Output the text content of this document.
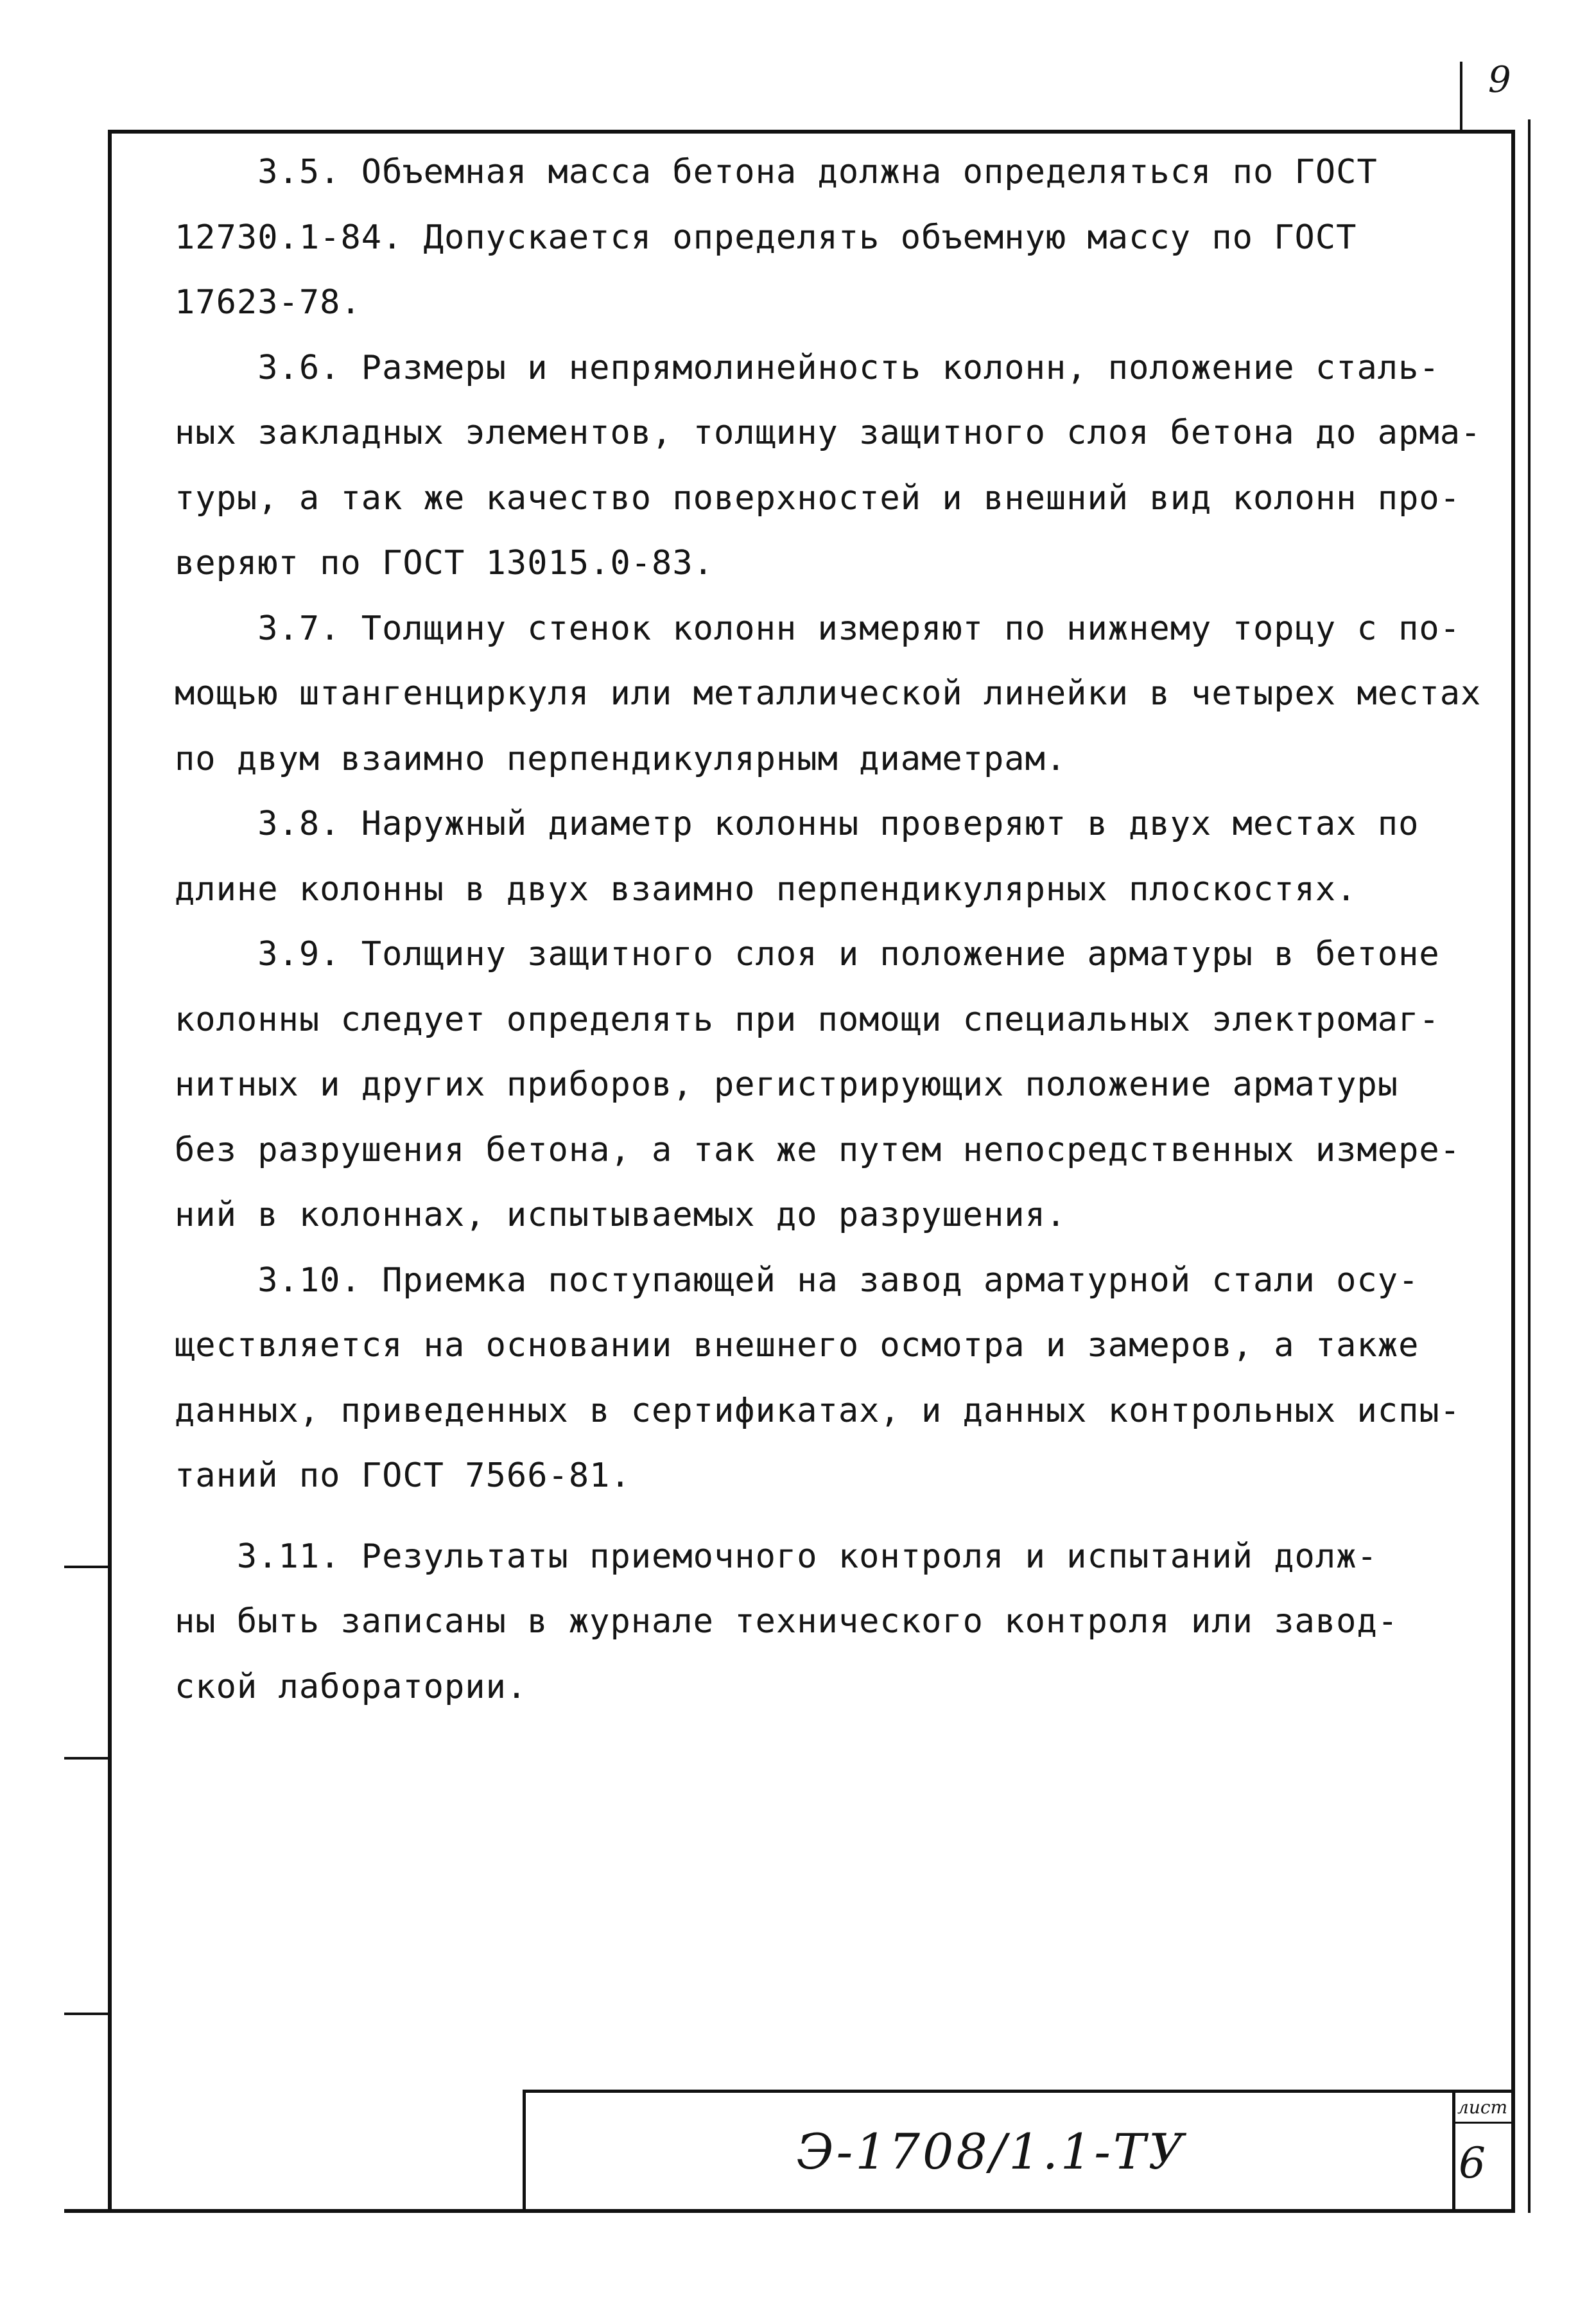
9

3.5. Объемная масса бетона должна определяться по ГОСТ
12730.1-84. Допускается определять объемную массу по ГОСТ
17623-78.

3.6. Размеры и непрямолинейность колонн, положение сталь-
ных закладных элементов, толщину защитного слоя бетона до арма-
туры, а так же качество поверхностей и внешний вид колонн про-
веряют по ГОСТ 13015.0-83.

3.7. Толщину стенок колонн измеряют по нижнему торцу с по-
мощью штангенциркуля или металлической линейки в четырех местах
по двум взаимно перпендикулярным диаметрам.

3.8. Наружный диаметр колонны проверяют в двух местах по
длине колонны в двух взаимно перпендикулярных плоскостях.

3.9. Толщину защитного слоя и положение арматуры в бетоне
колонны следует определять при помощи специальных электромаг-
нитных и других приборов, регистрирующих положение арматуры
без разрушения бетона, а так же путем непосредственных измере-
ний в колоннах, испытываемых до разрушения.

3.10. Приемка поступающей на завод арматурной стали осу-
ществляется на основании внешнего осмотра и замеров, а также
данных, приведенных в сертификатах, и данных контрольных испы-
таний по ГОСТ 7566-81.

3.11. Результаты приемочного контроля и испытаний долж-
ны быть записаны в журнале технического контроля или завод-
ской лаборатории.

Э-1708/1.1-ТУ
лист
6
